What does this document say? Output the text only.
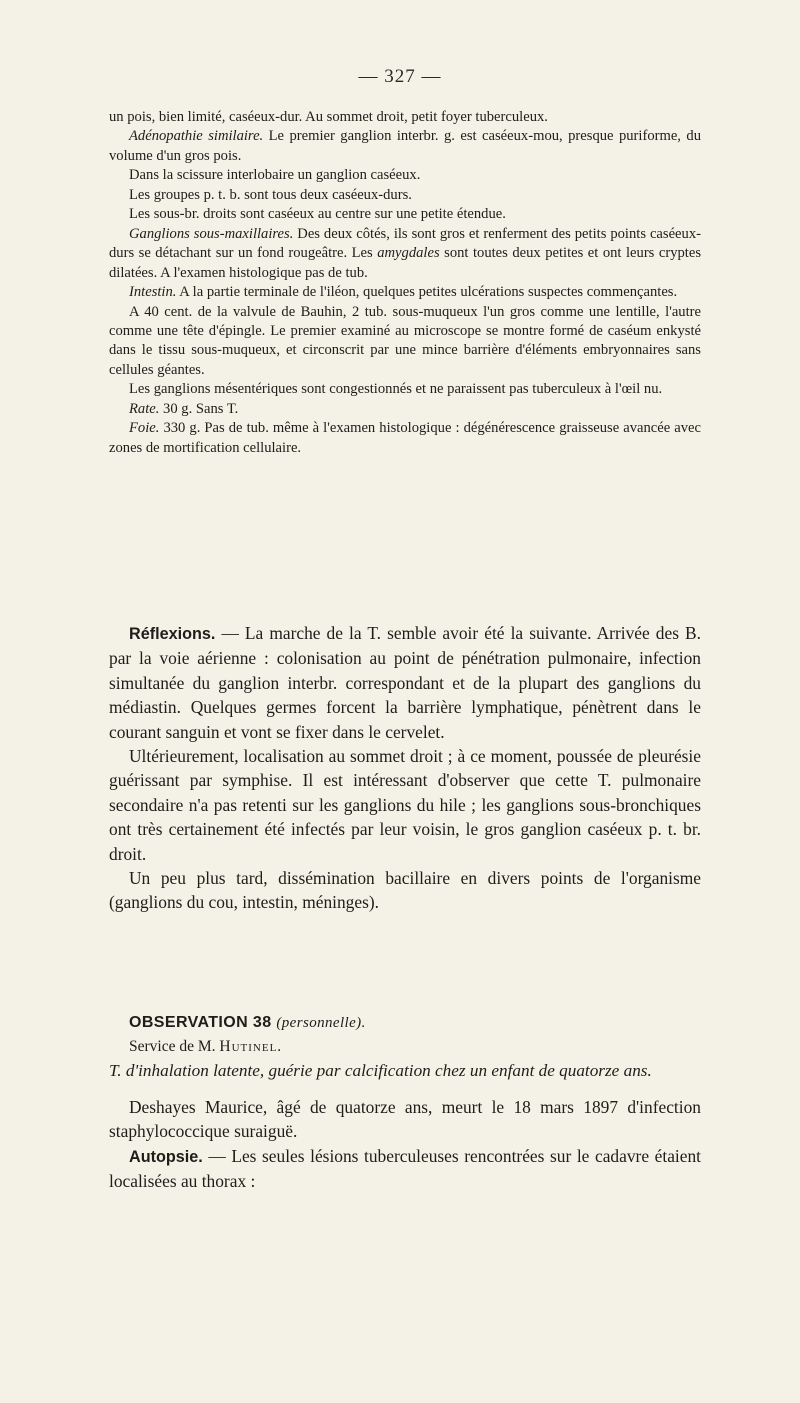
— 327 —

un pois, bien limité, caséeux-dur. Au sommet droit, petit foyer tuberculeux.

Adénopathie similaire. Le premier ganglion interbr. g. est caséeux-mou, presque puriforme, du volume d'un gros pois.

Dans la scissure interlobaire un ganglion caséeux.

Les groupes p. t. b. sont tous deux caséeux-durs.

Les sous-br. droits sont caséeux au centre sur une petite étendue.

Ganglions sous-maxillaires. Des deux côtés, ils sont gros et renferment des petits points caséeux-durs se détachant sur un fond rougeâtre. Les amygdales sont toutes deux petites et ont leurs cryptes dilatées. A l'examen histologique pas de tub.

Intestin. A la partie terminale de l'iléon, quelques petites ulcérations suspectes commençantes.

A 40 cent. de la valvule de Bauhin, 2 tub. sous-muqueux l'un gros comme une lentille, l'autre comme une tête d'épingle. Le premier examiné au microscope se montre formé de caséum enkysté dans le tissu sous-muqueux, et circonscrit par une mince barrière d'éléments embryonnaires sans cellules géantes.

Les ganglions mésentériques sont congestionnés et ne paraissent pas tuberculeux à l'œil nu.

Rate. 30 g. Sans T.

Foie. 330 g. Pas de tub. même à l'examen histologique : dégénérescence graisseuse avancée avec zones de mortification cellulaire.

Réflexions. — La marche de la T. semble avoir été la suivante. Arrivée des B. par la voie aérienne : colonisation au point de pénétration pulmonaire, infection simultanée du ganglion interbr. correspondant et de la plupart des ganglions du médiastin. Quelques germes forcent la barrière lymphatique, pénètrent dans le courant sanguin et vont se fixer dans le cervelet.

Ultérieurement, localisation au sommet droit ; à ce moment, poussée de pleurésie guérissant par symphise. Il est intéressant d'observer que cette T. pulmonaire secondaire n'a pas retenti sur les ganglions du hile ; les ganglions sous-bronchiques ont très certainement été infectés par leur voisin, le gros ganglion caséeux p. t. br. droit.

Un peu plus tard, dissémination bacillaire en divers points de l'organisme (ganglions du cou, intestin, méninges).

OBSERVATION 38 (personnelle).

Service de M. Hutinel.

T. d'inhalation latente, guérie par calcification chez un enfant de quatorze ans.

Deshayes Maurice, âgé de quatorze ans, meurt le 18 mars 1897 d'infection staphylococcique suraiguë.

Autopsie. — Les seules lésions tuberculeuses rencontrées sur le cadavre étaient localisées au thorax :
